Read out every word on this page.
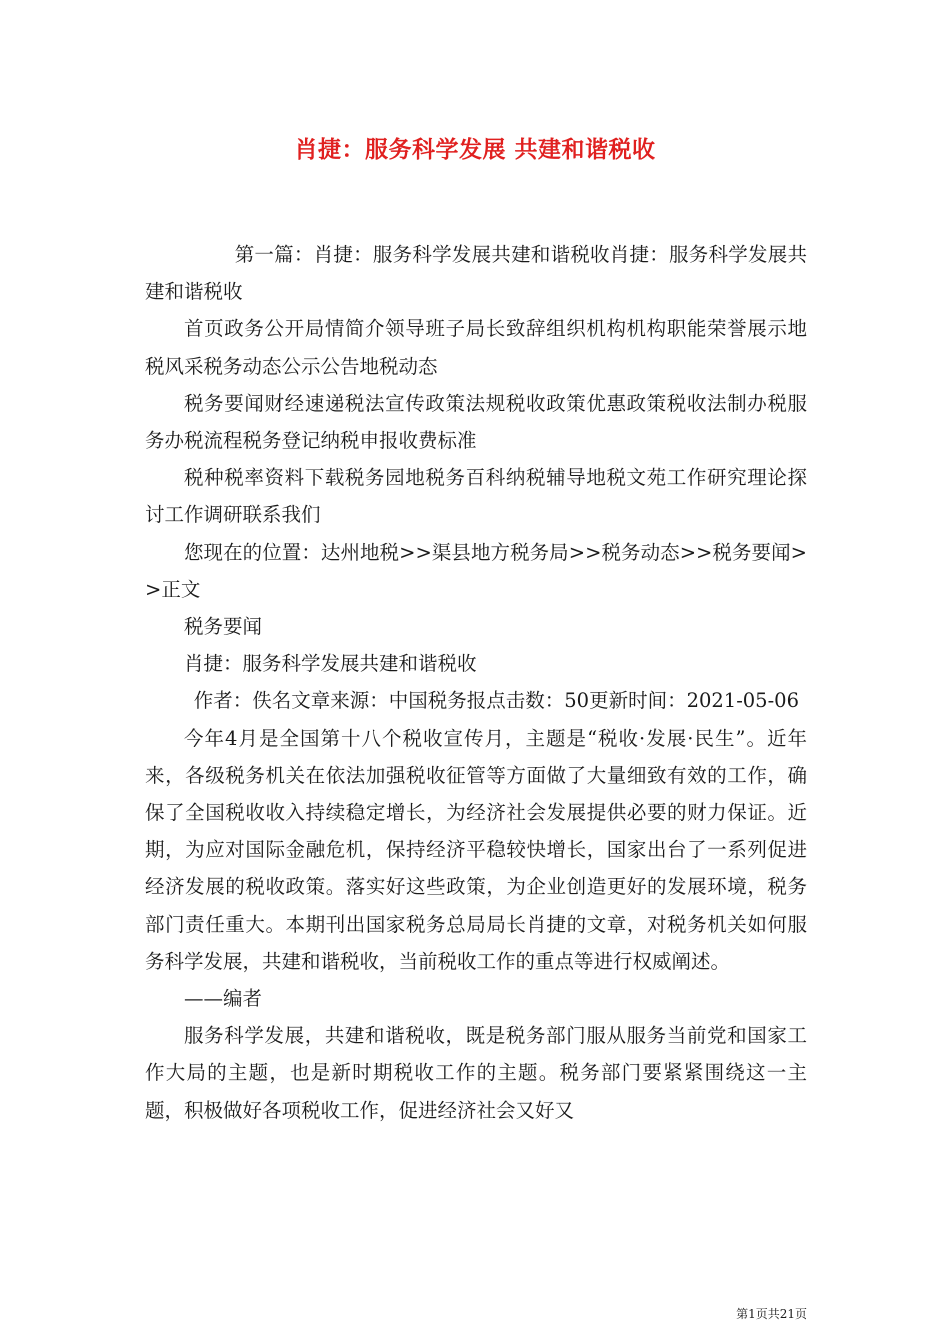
肖捷：服务科学发展 共建和谐税收

第一篇：肖捷：服务科学发展共建和谐税收肖捷：服务科学发展共建和谐税收

首页政务公开局情简介领导班子局长致辞组织机构机构职能荣誉展示地税风采税务动态公示公告地税动态

税务要闻财经速递税法宣传政策法规税收政策优惠政策税收法制办税服务办税流程税务登记纳税申报收费标准

税种税率资料下载税务园地税务百科纳税辅导地税文苑工作研究理论探讨工作调研联系我们

您现在的位置：达州地税>>渠县地方税务局>>税务动态>>税务要闻>>正文

税务要闻

肖捷：服务科学发展共建和谐税收

作者：佚名文章来源：中国税务报点击数：50更新时间：2021-05-06

今年4月是全国第十八个税收宣传月，主题是“税收·发展·民生”。近年来，各级税务机关在依法加强税收征管等方面做了大量细致有效的工作，确保了全国税收收入持续稳定增长，为经济社会发展提供必要的财力保证。近期，为应对国际金融危机，保持经济平稳较快增长，国家出台了一系列促进经济发展的税收政策。落实好这些政策，为企业创造更好的发展环境，税务部门责任重大。本期刊出国家税务总局局长肖捷的文章，对税务机关如何服务科学发展，共建和谐税收，当前税收工作的重点等进行权威阐述。

——编者

服务科学发展，共建和谐税收，既是税务部门服从服务当前党和国家工作大局的主题，也是新时期税收工作的主题。税务部门要紧紧围绕这一主题，积极做好各项税收工作，促进经济社会又好又

第1页共21页
